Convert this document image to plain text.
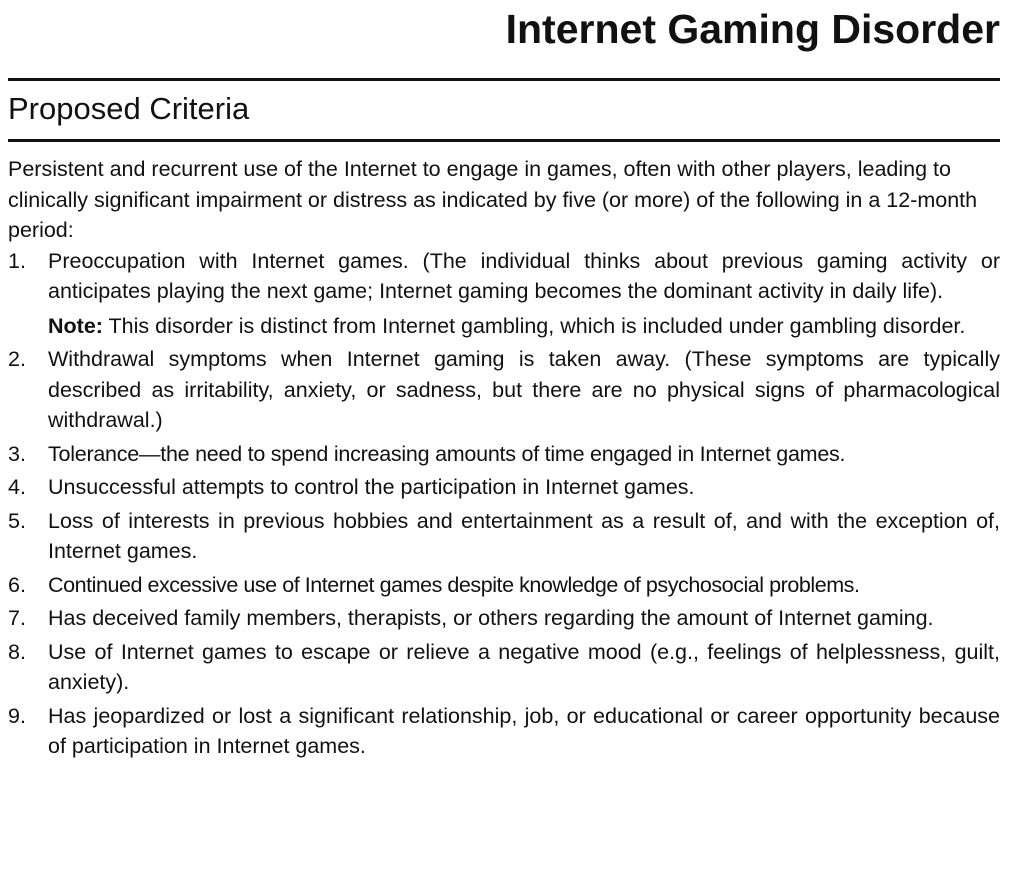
Internet Gaming Disorder
Proposed Criteria

Persistent and recurrent use of the Internet to engage in games, often with other players, leading to clinically significant impairment or distress as indicated by five (or more) of the following in a 12-month period:

1.	Preoccupation with Internet games. (The individual thinks about previous gaming activity or anticipates playing the next game; Internet gaming becomes the dominant activity in daily life).

Note: This disorder is distinct from Internet gambling, which is included under gambling disorder.

2.	Withdrawal symptoms when Internet gaming is taken away. (These symptoms are typically described as irritability, anxiety, or sadness, but there are no physical signs of pharmacological withdrawal.)
3.	Tolerance—the need to spend increasing amounts of time engaged in Internet games.
4.	Unsuccessful attempts to control the participation in Internet games.
5.	Loss of interests in previous hobbies and entertainment as a result of, and with the exception of, Internet games.
6.	Continued excessive use of Internet games despite knowledge of psychosocial problems.
7.	Has deceived family members, therapists, or others regarding the amount of Internet gaming.
8.	Use of Internet games to escape or relieve a negative mood (e.g., feelings of helplessness, guilt, anxiety).
9.	Has jeopardized or lost a significant relationship, job, or educational or career opportunity because of participation in Internet games.
